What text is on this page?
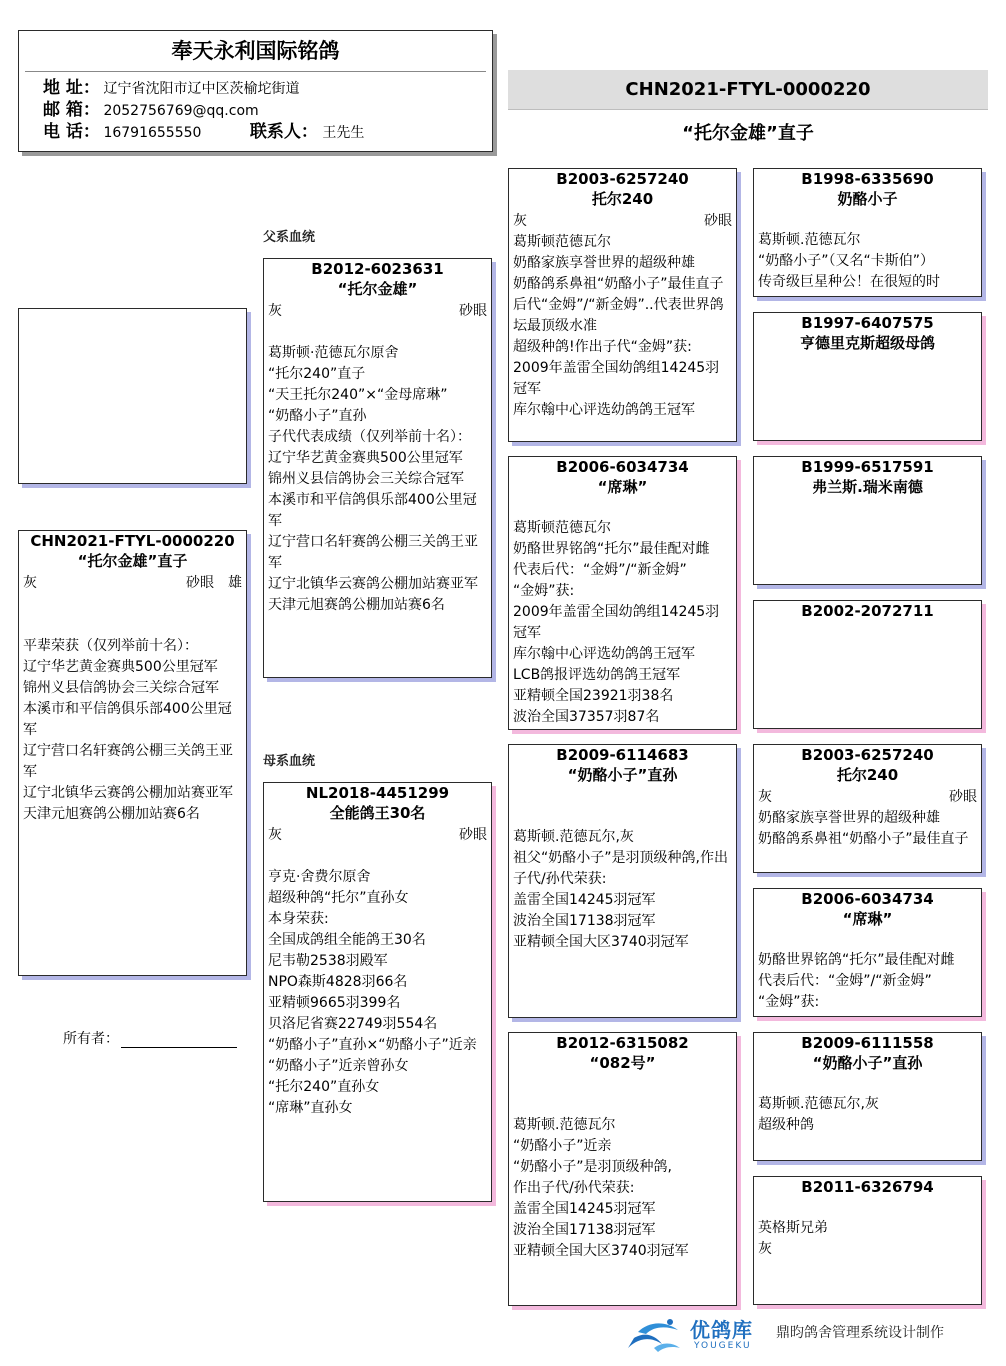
奉天永利国际铭鸽
地 址： 辽宁省沈阳市辽中区茨榆坨街道
邮 箱： 2052756769@qq.com
电 话： 16791655550	联系人： 王先生
CHN2021-FTYL-0000220
“托尔金雄”直子
父系血统
母系血统
CHN2021-FTYL-0000220
“托尔金雄”直子
灰	砂眼 雄
平辈荣获（仅列举前十名）：
辽宁华艺黄金赛典500公里冠军
锦州义县信鸽协会三关综合冠军
本溪市和平信鸽俱乐部400公里冠军
辽宁营口名轩赛鸽公棚三关鸽王亚军
辽宁北镇华云赛鸽公棚加站赛亚军
天津元旭赛鸽公棚加站赛6名
B2012-6023631
“托尔金雄”
灰	砂眼
葛斯顿·范德瓦尔原舍
“托尔240”直子
“天王托尔240”×“金母席琳”
“奶酪小子”直孙
子代代表成绩（仅列举前十名）：
辽宁华艺黄金赛典500公里冠军
锦州义县信鸽协会三关综合冠军
本溪市和平信鸽俱乐部400公里冠军
辽宁营口名轩赛鸽公棚三关鸽王亚军
辽宁北镇华云赛鸽公棚加站赛亚军
天津元旭赛鸽公棚加站赛6名
NL2018-4451299
全能鸽王30名
灰	砂眼
亨克·舍费尔原舍
超级种鸽“托尔”直孙女
本身荣获:
全国成鸽组全能鸽王30名
尼韦勒2538羽殿军
NPO森斯4828羽66名
亚精顿9665羽399名
贝洛尼省赛22749羽554名
“奶酪小子”直孙×“奶酪小子”近亲
“奶酪小子”近亲曾孙女
“托尔240”直孙女
“席琳”直孙女
B2003-6257240
托尔240
灰	砂眼
葛斯顿范德瓦尔
奶酪家族享誉世界的超级种雄
奶酪鸽系鼻祖“奶酪小子”最佳直子
后代“金姆”/“新金姆”..代表世界鸽坛最顶级水准
超级种鸽!作出子代“金姆”获:
2009年盖雷全国幼鸽组14245羽冠军
库尔翰中心评选幼鸽鸽王冠军
B2006-6034734
“席琳”
葛斯顿范德瓦尔
奶酪世界铭鸽“托尔”最佳配对雌
代表后代：“金姆”/“新金姆”
“金姆”获:
2009年盖雷全国幼鸽组14245羽冠军
库尔翰中心评选幼鸽鸽王冠军
LCB鸽报评选幼鸽鸽王冠军
亚精顿全国23921羽38名
波治全国37357羽87名
B2009-6114683
“奶酪小子”直孙
葛斯顿.范德瓦尔,灰
祖父“奶酪小子”是羽顶级种鸽,作出子代/孙代荣获:
盖雷全国14245羽冠军
波治全国17138羽冠军
亚精顿全国大区3740羽冠军
B2012-6315082
“082号”
葛斯顿.范德瓦尔
“奶酪小子”近亲
“奶酪小子”是羽顶级种鸽,
作出子代/孙代荣获:
盖雷全国14245羽冠军
波治全国17138羽冠军
亚精顿全国大区3740羽冠军
B1998-6335690
奶酪小子
葛斯顿.范德瓦尔
“奶酪小子”（又名“卡斯伯”）
传奇级巨星种公！在很短的时
B1997-6407575
亨德里克斯超级母鸽
B1999-6517591
弗兰斯.瑞米南德
B2002-2072711
B2003-6257240
托尔240
灰	砂眼
奶酪家族享誉世界的超级种雄
奶酪鸽系鼻祖“奶酪小子”最佳直子
B2006-6034734
“席琳”
奶酪世界铭鸽“托尔”最佳配对雌
代表后代：“金姆”/“新金姆”
“金姆”获:
B2009-6111558
“奶酪小子”直孙
葛斯顿.范德瓦尔,灰
超级种鸽
B2011-6326794
英格斯兄弟
灰
所有者：
优鸽库
YOUGEKU
鼎昀鸽舍管理系统设计制作
